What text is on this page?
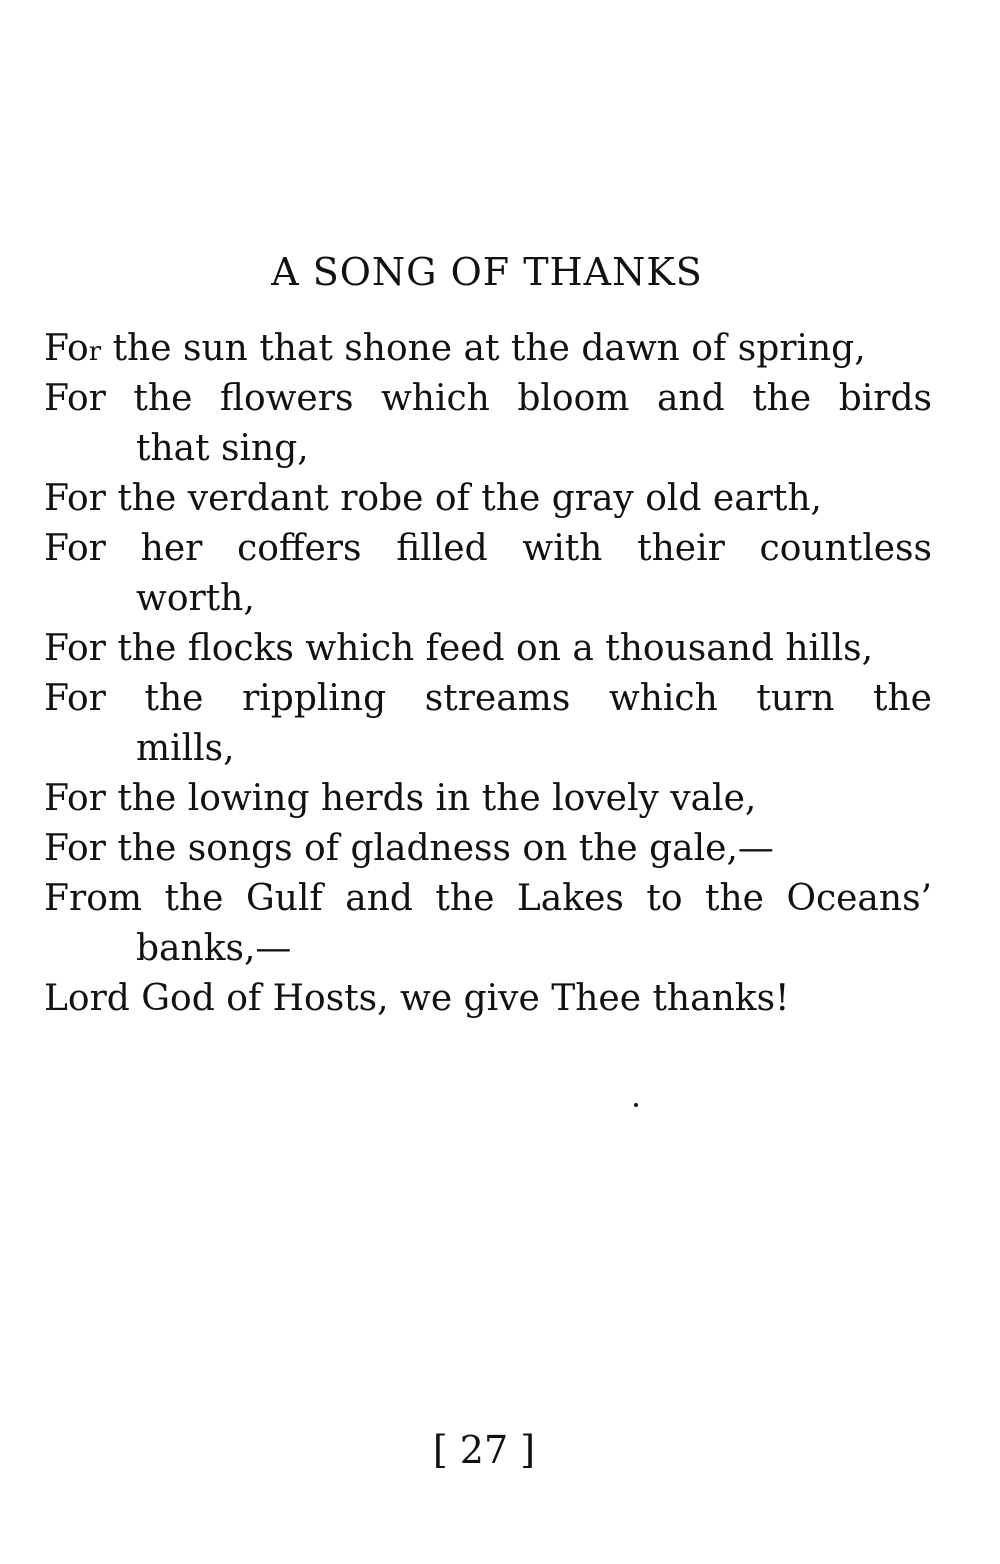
A SONG OF THANKS
For the sun that shone at the dawn of spring,
For the flowers which bloom and the birds
that sing,
For the verdant robe of the gray old earth,
For her coffers filled with their countless
worth,
For the flocks which feed on a thousand hills,
For the rippling streams which turn the
mills,
For the lowing herds in the lovely vale,
For the songs of gladness on the gale,—
From the Gulf and the Lakes to the Oceans’
banks,—
Lord God of Hosts, we give Thee thanks!
[ 27 ]
